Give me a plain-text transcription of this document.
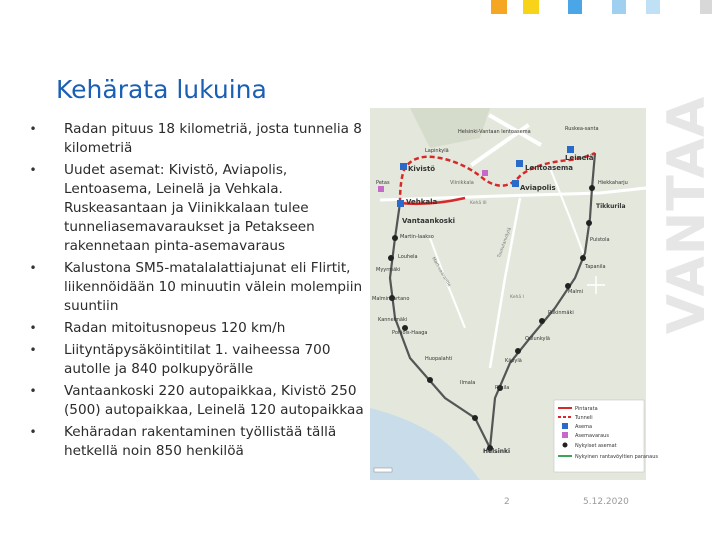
VANTAA
Kehärata lukuina
• Radan pituus 18 kilometriä, josta tunnelia 8 kilometriä
• Uudet asemat: Kivistö, Aviapolis, Lentoasema, Leinelä ja Vehkala. Ruskeasantaan ja Viinikkalaan tulee tunneliasemavaraukset ja Petakseen rakennetaan pinta-asemavaraus
• Kalustona SM5-matalalattiajunat eli Flirtit, liikennöidään 10 minuutin välein molempiin suuntiin
• Radan mitoitusnopeus 120 km/h
• Liityntäpysäköintitilat 1. vaiheessa 700 autolle ja 840 polkupyörälle
• Vantaankoski 220 autopaikkaa, Kivistö 250 (500) autopaikkaa, Leinelä 120 autopaikkaa
• Kehäradan rakentaminen työllistää tällä hetkellä noin 850 henkilöä
Helsinki-Vantaan lentoasema	Ruskea-santa
Lapinkylä
Kivistö	Lentoasema
Leinelä
Petas	Viinikkala
Aviapolis
Hiekkaharju
Vehkala	Kehä III	Tikkurila
Vantaankoski
Martin-laakso	Puistola
Louhela
Tapanila
Myyrmäki
Malmi
Malminkartano
Kannelmäki
Pukinmäki
Pohjois-Haaga
Oulunkylä
Huopalahti	Käpylä
Ilmala
Pasila
Helsinki
Kehä I
Tuusulanväylä
Mart-vaarantie
Pintarata
Tunneli
Asema
Asemavaraus
Nykyiset asemat
Nykyinen rantavöyltien paranaus
2	5.12.2020
